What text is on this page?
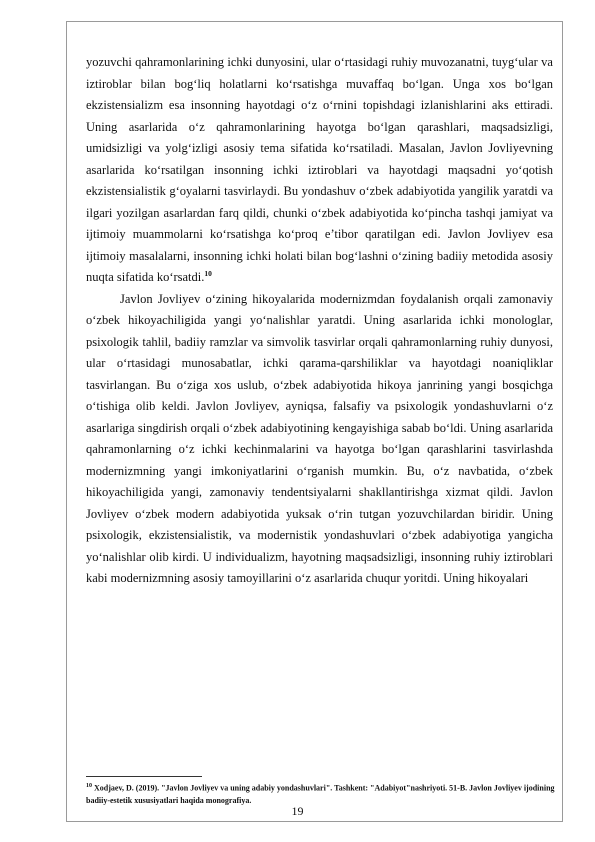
yozuvchi qahramonlarining ichki dunyosini, ular o‘rtasidagi ruhiy muvozanatni, tuyg‘ular va iztiroblar bilan bog‘liq holatlarni ko‘rsatishga muvaffaq bo‘lgan. Unga xos bo‘lgan ekzistensializm esa insonning hayotdagi o‘z o‘rnini topishdagi izlanishlarini aks ettiradi. Uning asarlarida o‘z qahramonlarining hayotga bo‘lgan qarashlari, maqsadsizligi, umidsizligi va yolg‘izligi asosiy tema sifatida ko‘rsatiladi. Masalan, Javlon Jovliyevning asarlarida ko‘rsatilgan insonning ichki iztiroblari va hayotdagi maqsadni yo‘qotish ekzistensialistik g‘oyalarni tasvirlaydi. Bu yondashuv o‘zbek adabiyotida yangilik yaratdi va ilgari yozilgan asarlardan farq qildi, chunki o‘zbek adabiyotida ko‘pincha tashqi jamiyat va ijtimoiy muammolarni ko‘rsatishga ko‘proq e’tibor qaratilgan edi. Javlon Jovliyev esa ijtimoiy masalalarni, insonning ichki holati bilan bog‘lashni o‘zining badiiy metodida asosiy nuqta sifatida ko‘rsatdi.$^{10}$

Javlon Jovliyev o‘zining hikoyalarida modernizmdan foydalanish orqali zamonaviy o‘zbek hikoyachiligida yangi yo‘nalishlar yaratdi. Uning asarlarida ichki monologlar, psixologik tahlil, badiiy ramzlar va simvolik tasvirlar orqali qahramonlarning ruhiy dunyosi, ular o‘rtasidagi munosabatlar, ichki qarama-qarshiliklar va hayotdagi noaniqliklar tasvirlangan. Bu o‘ziga xos uslub, o‘zbek adabiyotida hikoya janrining yangi bosqichga o‘tishiga olib keldi. Javlon Jovliyev, ayniqsa, falsafiy va psixologik yondashuvlarni o‘z asarlariga singdirish orqali o‘zbek adabiyotining kengayishiga sabab bo‘ldi. Uning asarlarida qahramonlarning o‘z ichki kechinmalarini va hayotga bo‘lgan qarashlarini tasvirlashda modernizmning yangi imkoniyatlarini o‘rganish mumkin. Bu, o‘z navbatida, o‘zbek hikoyachiligida yangi, zamonaviy tendentsiyalarni shakllantirishga xizmat qildi. Javlon Jovliyev o‘zbek modern adabiyotida yuksak o‘rin tutgan yozuvchilardan biridir. Uning psixologik, ekzistensialistik, va modernistik yondashuvlari o‘zbek adabiyotiga yangicha yo‘nalishlar olib kirdi. U individualizm, hayotning maqsadsizligi, insonning ruhiy iztiroblari kabi modernizmning asosiy tamoyillarini o‘z asarlarida chuqur yoritdi. Uning hikoyalari

$^{10}$ Xodjaev, D. (2019). "Javlon Jovliyev va uning adabiy yondashuvlari". Tashkent: "Adabiyot"nashriyoti. 51-B. Javlon Jovliyev ijodining badiiy-estetik xususiyatlari haqida monografiya.

19
